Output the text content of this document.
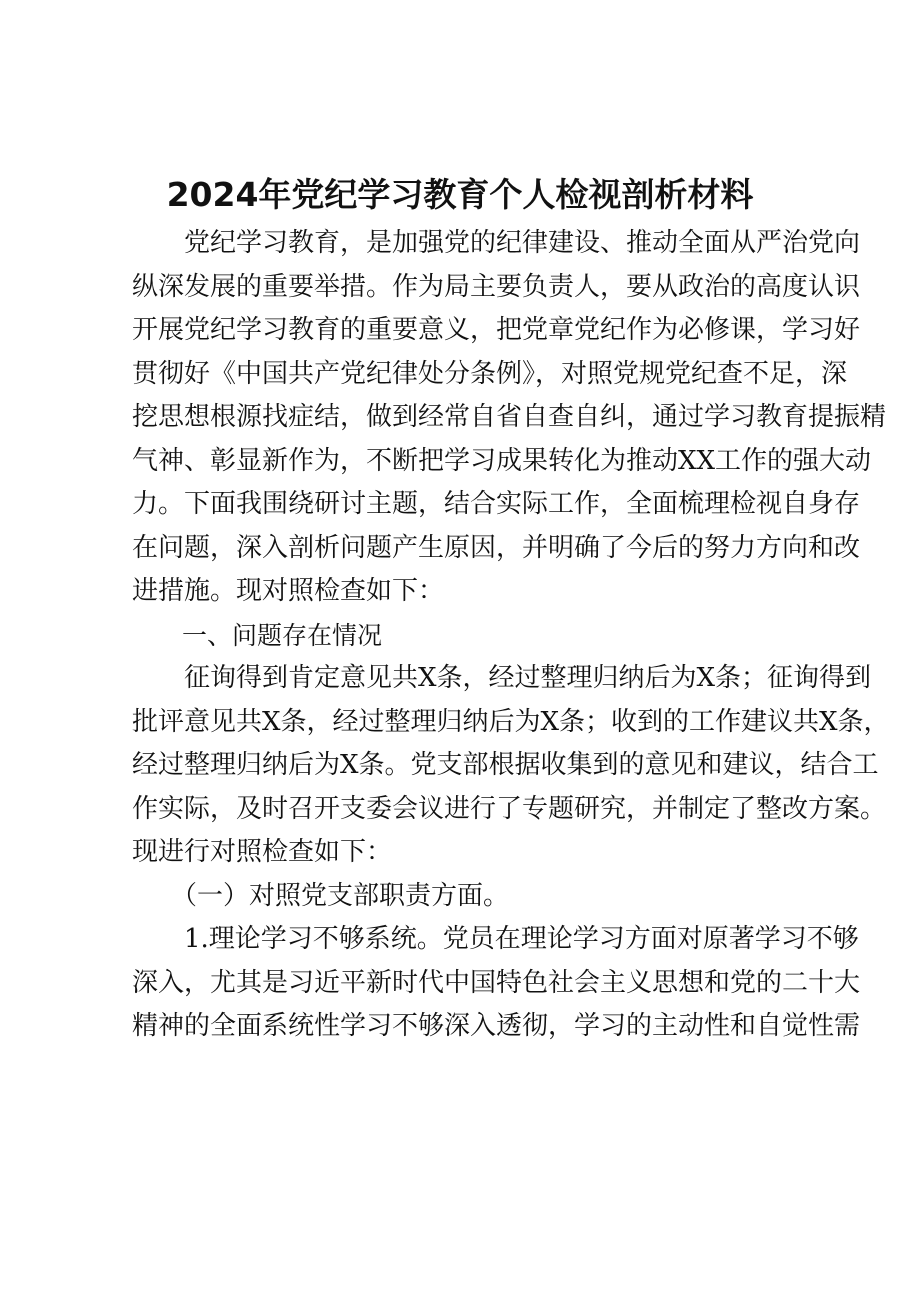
2024年党纪学习教育个人检视剖析材料
　　党纪学习教育，是加强党的纪律建设、推动全面从严治党向
纵深发展的重要举措。作为局主要负责人，要从政治的高度认识
开展党纪学习教育的重要意义，把党章党纪作为必修课，学习好
贯彻好《中国共产党纪律处分条例》，对照党规党纪查不足，深
挖思想根源找症结，做到经常自省自查自纠，通过学习教育提振精
气神、彰显新作为，不断把学习成果转化为推动XX工作的强大动
力。下面我围绕研讨主题，结合实际工作，全面梳理检视自身存
在问题，深入剖析问题产生原因，并明确了今后的努力方向和改
进措施。现对照检查如下：
　　一、问题存在情况
　　征询得到肯定意见共X条，经过整理归纳后为X条；征询得到
批评意见共X条，经过整理归纳后为X条；收到的工作建议共X条，
经过整理归纳后为X条。党支部根据收集到的意见和建议，结合工
作实际，及时召开支委会议进行了专题研究，并制定了整改方案。
现进行对照检查如下：
　　（一）对照党支部职责方面。
　　1.理论学习不够系统。党员在理论学习方面对原著学习不够
深入，尤其是习近平新时代中国特色社会主义思想和党的二十大
精神的全面系统性学习不够深入透彻，学习的主动性和自觉性需
